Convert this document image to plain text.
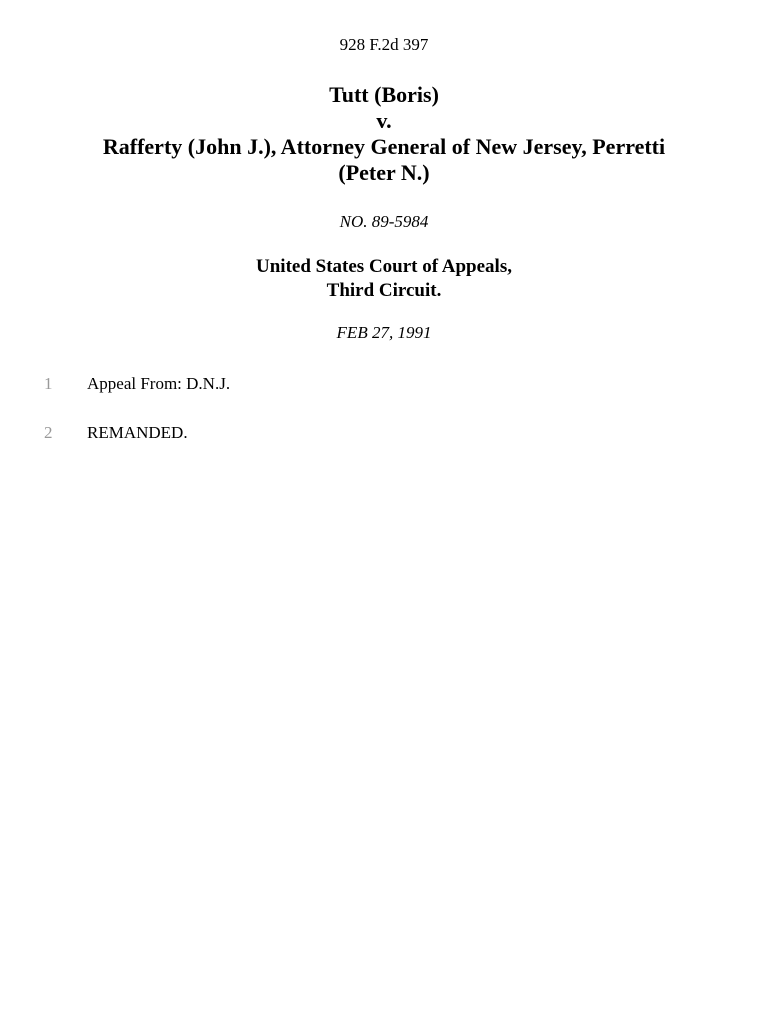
928 F.2d 397
Tutt (Boris)
v.
Rafferty (John J.), Attorney General of New Jersey, Perretti
(Peter N.)
NO. 89-5984
United States Court of Appeals,
Third Circuit.
FEB 27, 1991
1	Appeal From: D.N.J.
2	REMANDED.
